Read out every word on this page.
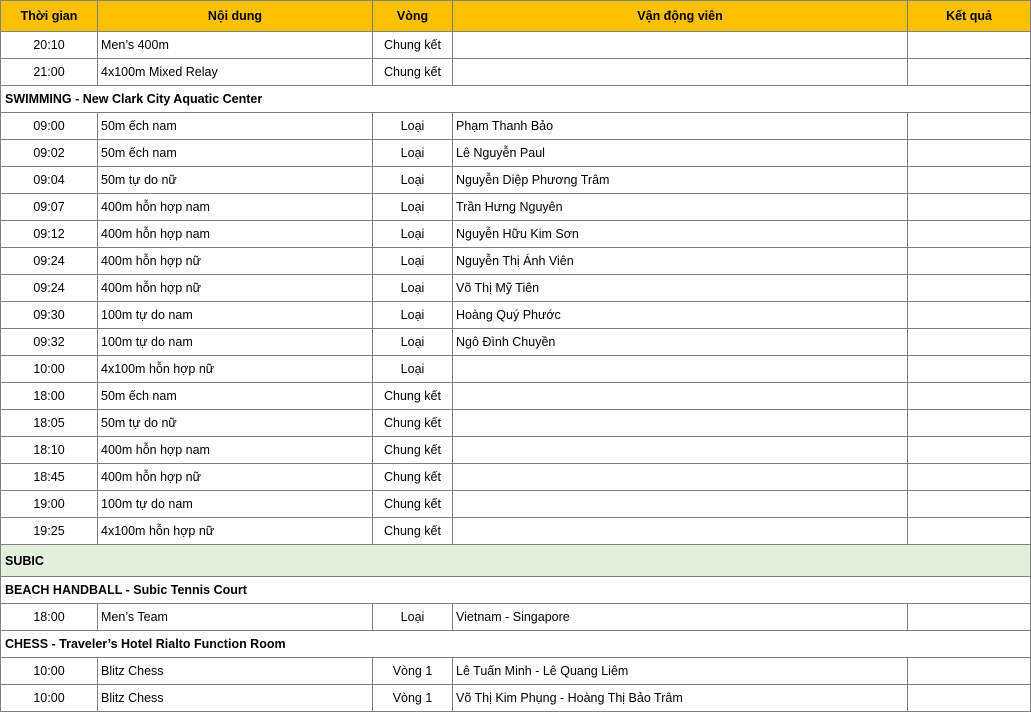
Thời gian	Nội dung	Vòng	Vận động viên	Kết quả
20:10	Men’s 400m	Chung kết
21:00	4x100m Mixed Relay	Chung kết
SWIMMING - New Clark City Aquatic Center
09:00	50m ếch nam	Loại	Phạm Thanh Bảo
09:02	50m ếch nam	Loại	Lê Nguyễn Paul
09:04	50m tự do nữ	Loại	Nguyễn Diệp Phương Trâm
09:07	400m hỗn hợp nam	Loại	Trần Hưng Nguyên
09:12	400m hỗn hợp nam	Loại	Nguyễn Hữu Kim Sơn
09:24	400m hỗn hợp nữ	Loại	Nguyễn Thị Ánh Viên
09:24	400m hỗn hợp nữ	Loại	Võ Thị Mỹ Tiên
09:30	100m tự do nam	Loại	Hoàng Quý Phước
09:32	100m tự do nam	Loại	Ngô Đình Chuyền
10:00	4x100m hỗn hợp nữ	Loại
18:00	50m ếch nam	Chung kết
18:05	50m tự do nữ	Chung kết
18:10	400m hỗn hợp nam	Chung kết
18:45	400m hỗn hợp nữ	Chung kết
19:00	100m tự do nam	Chung kết
19:25	4x100m hỗn hợp nữ	Chung kết
SUBIC
BEACH HANDBALL - Subic Tennis Court
18:00	Men’s Team	Loại	Vietnam - Singapore
CHESS - Traveler’s Hotel Rialto Function Room
10:00	Blitz Chess	Vòng 1	Lê Tuấn Minh - Lê Quang Liêm
10:00	Blitz Chess	Vòng 1	Võ Thị Kim Phụng - Hoàng Thị Bảo Trâm
